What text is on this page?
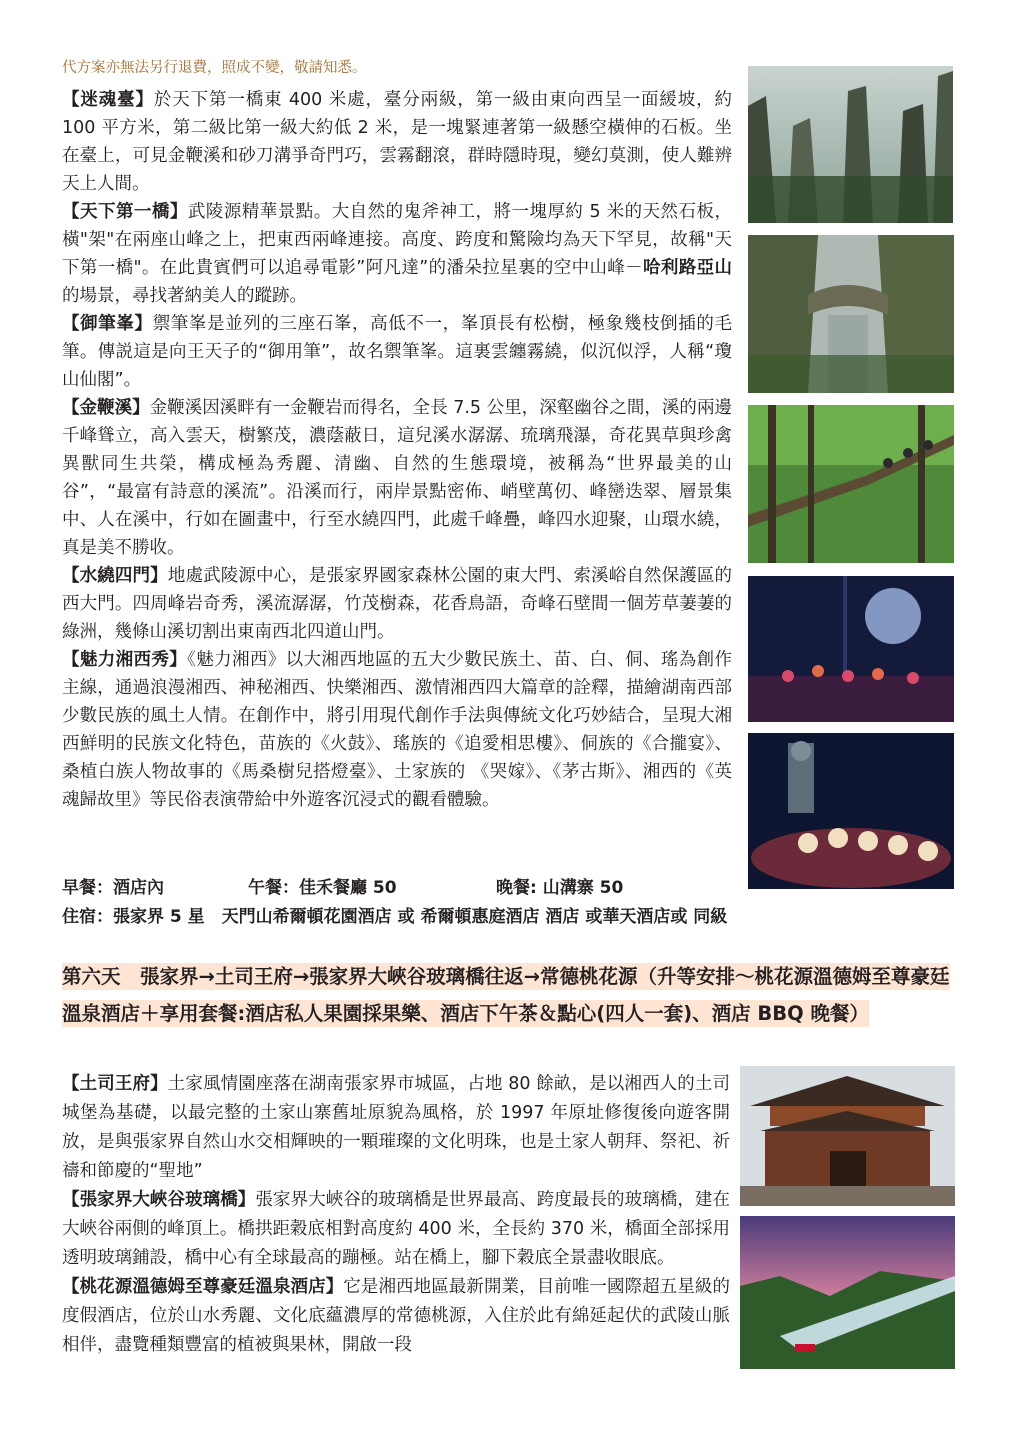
代方案亦無法另行退費，照成不變，敬請知悉。

【迷魂臺】於天下第一橋東 400 米處，臺分兩級，第一級由東向西呈一面緩坡，約 100 平方米，第二級比第一級大約低 2 米，是一塊緊連著第一級懸空橫伸的石板。坐在臺上，可見金鞭溪和砂刀溝爭奇門巧，雲霧翻滾，群時隱時現，變幻莫測，使人難辨天上人間。

【天下第一橋】武陵源精華景點。大自然的鬼斧神工，將一塊厚約 5 米的天然石板，橫"架"在兩座山峰之上，把東西兩峰連接。高度、跨度和驚險均為天下罕見，故稱"天下第一橋"。在此貴賓們可以追尋電影”阿凡達”的潘朵拉星裏的空中山峰－哈利路亞山的場景，尋找著納美人的蹤跡。

【御筆峯】禦筆峯是並列的三座石峯，高低不一，峯頂長有松樹，極象幾枝倒插的毛筆。傳説這是向王天子的“御用筆”，故名禦筆峯。這裏雲纏霧繞，似沉似浮，人稱“瓊山仙閣”。

【金鞭溪】金鞭溪因溪畔有一金鞭岩而得名，全長 7.5 公里，深壑幽谷之間，溪的兩邊千峰聳立，高入雲天，樹繁茂，濃蔭蔽日，這兒溪水潺潺、琉璃飛瀑，奇花異草與珍禽異獸同生共榮，構成極為秀麗、清幽、自然的生態環境，被稱為“世界最美的山谷”，“最富有詩意的溪流”。沿溪而行，兩岸景點密佈、峭壁萬仞、峰巒迭翠、層景集中、人在溪中，行如在圖畫中，行至水繞四門，此處千峰疊，峰四水迎聚，山環水繞，真是美不勝收。

【水繞四門】地處武陵源中心，是張家界國家森林公園的東大門、索溪峪自然保護區的西大門。四周峰岩奇秀，溪流潺潺，竹茂樹森，花香鳥語，奇峰石壁間一個芳草萋萋的綠洲，幾條山溪切割出東南西北四道山門。

【魅力湘西秀】《魅力湘西》以大湘西地區的五大少數民族土、苗、白、侗、瑤為創作主線，通過浪漫湘西、神秘湘西、快樂湘西、激情湘西四大篇章的詮釋，描繪湖南西部少數民族的風土人情。在創作中，將引用現代創作手法與傳統文化巧妙結合，呈現大湘西鮮明的民族文化特色，苗族的《火鼓》、瑤族的《追愛相思樓》、侗族的《合攏宴》、桑植白族人物故事的《馬桑樹兒搭燈臺》、土家族的 《哭嫁》、《茅古斯》、湘西的《英魂歸故里》等民俗表演帶給中外遊客沉浸式的觀看體驗。

早餐：酒店內	午餐：佳禾餐廳 50	晚餐: 山溝寨 50
住宿：張家界 5 星　天門山希爾頓花園酒店 或 希爾頓惠庭酒店 酒店 或華天酒店或 同級
第六天　張家界→土司王府→張家界大峽谷玻璃橋往返→常德桃花源（升等安排～桃花源溫德姆至尊豪廷溫泉酒店＋享用套餐:酒店私人果園採果樂、酒店下午茶＆點心(四人一套)、酒店 BBQ 晚餐）

【土司王府】土家風情園座落在湖南張家界市城區，占地 80 餘畝，是以湘西人的土司城堡為基礎，以最完整的土家山寨舊址原貌為風格，於 1997 年原址修復後向遊客開放，是與張家界自然山水交相輝映的一顆璀璨的文化明珠，也是土家人朝拜、祭祀、祈禱和節慶的“聖地”

【張家界大峽谷玻璃橋】張家界大峽谷的玻璃橋是世界最高、跨度最長的玻璃橋，建在大峽谷兩側的峰頂上。橋拱距穀底相對高度約 400 米，全長約 370 米，橋面全部採用透明玻璃鋪設，橋中心有全球最高的蹦極。站在橋上，腳下穀底全景盡收眼底。

【桃花源溫德姆至尊豪廷溫泉酒店】它是湘西地區最新開業，目前唯一國際超五星級的度假酒店，位於山水秀麗、文化底蘊濃厚的常德桃源，入住於此有綿延起伏的武陵山脈相伴，盡覽種類豐富的植被與果林，開啟一段
